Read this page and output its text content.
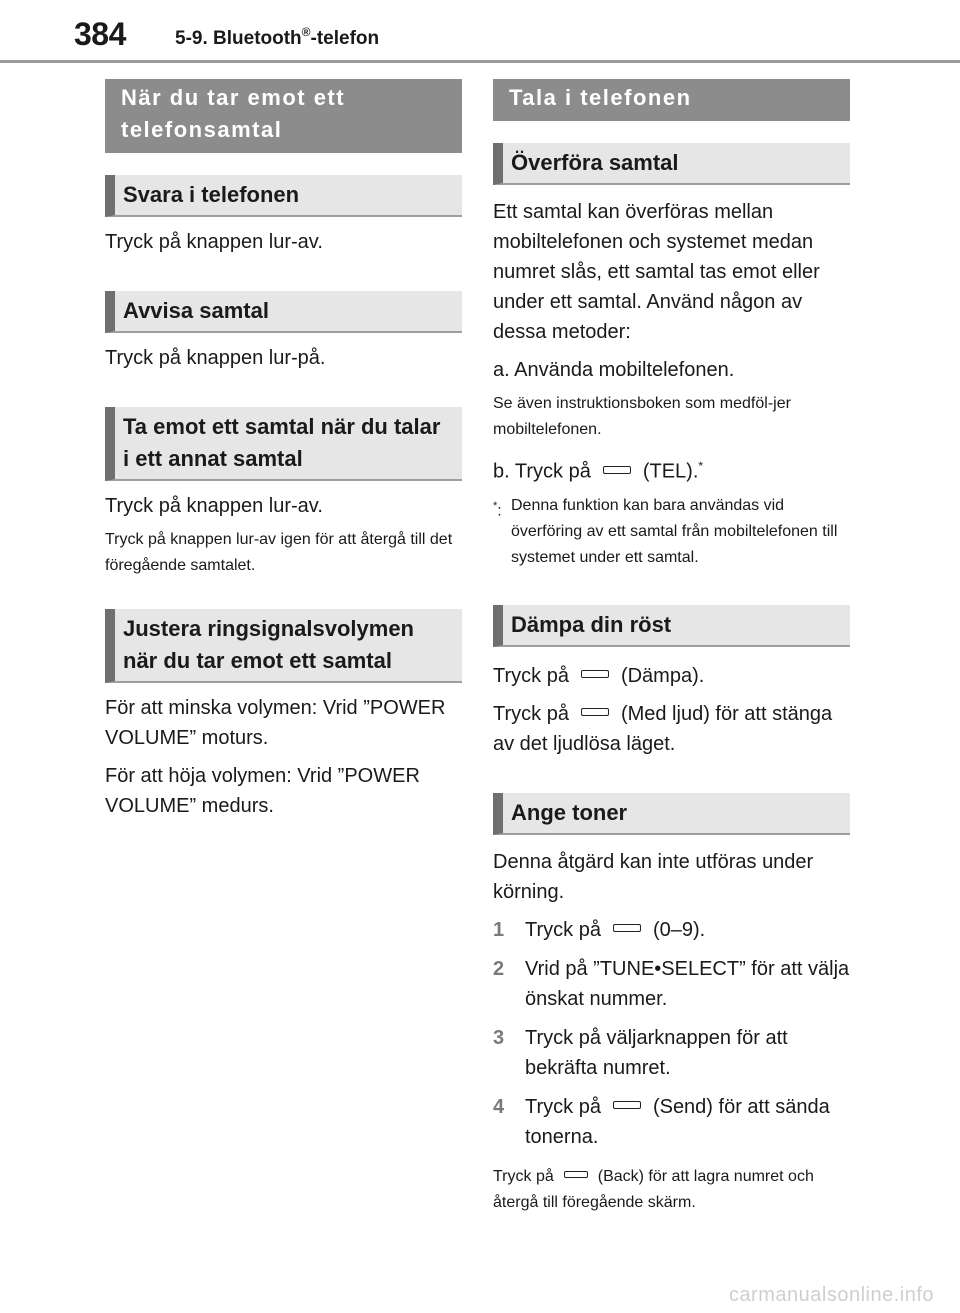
384	5-9. Bluetooth®-telefon
När du tar emot ett telefonsamtal
Svara i telefonen

Tryck på knappen lur-av.

Avvisa samtal

Tryck på knappen lur-på.

Ta emot ett samtal när du talar i ett annat samtal

Tryck på knappen lur-av.

Tryck på knappen lur-av igen för att återgå till det föregående samtalet.

Justera ringsignalsvolymen när du tar emot ett samtal

För att minska volymen: Vrid ”POWER VOLUME” moturs.

För att höja volymen: Vrid ”POWER VOLUME” medurs.

Tala i telefonen
Överföra samtal

Ett samtal kan överföras mellan mobiltelefonen och systemet medan numret slås, ett samtal tas emot eller under ett samtal. Använd någon av dessa metoder:

a. Använda mobiltelefonen.

Se även instruktionsboken som medföl-jer mobiltelefonen.

b. Tryck på	(TEL).*

*: Denna funktion kan bara användas vid överföring av ett samtal från mobiltelefonen till systemet under ett samtal.
Dämpa din röst

Tryck på	(Dämpa).

Tryck på	(Med ljud) för att stänga av det ljudlösa läget.

Ange toner

Denna åtgärd kan inte utföras under körning.

1	Tryck på	(0–9).
2	Vrid på ”TUNE•SELECT” för att välja önskat nummer.
3	Tryck på väljarknappen för att bekräfta numret.
4	Tryck på	(Send) för att sända tonerna.

Tryck på	(Back) för att lagra numret och återgå till föregående skärm.

carmanualsonline.info
